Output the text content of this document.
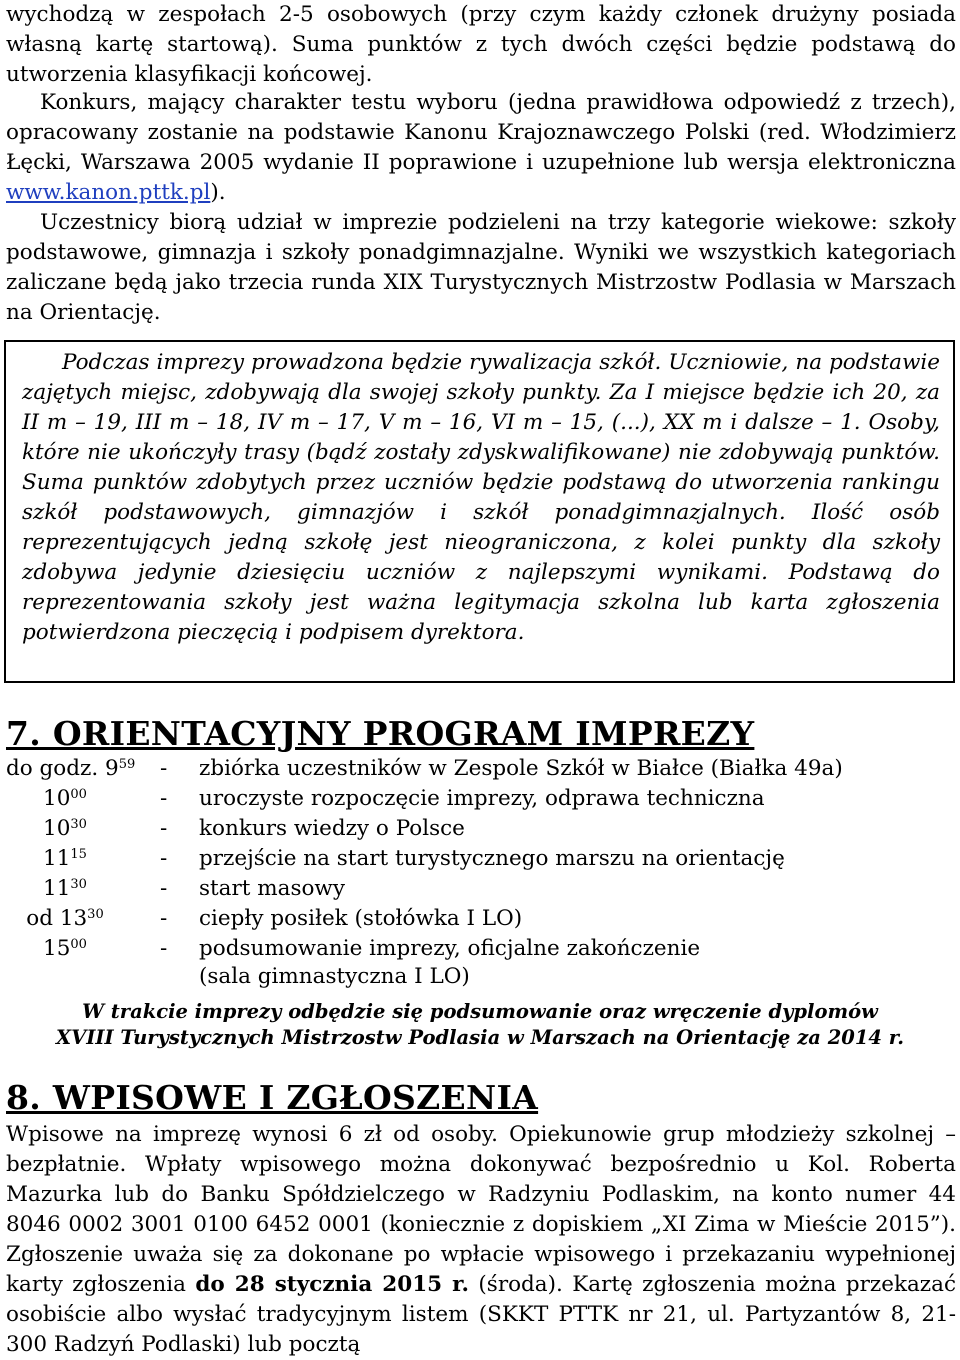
wychodzą w zespołach 2-5 osobowych (przy czym każdy członek drużyny posiada własną kartę startową). Suma punktów z tych dwóch części będzie podstawą do utworzenia klasyfikacji końcowej.

Konkurs, mający charakter testu wyboru (jedna prawidłowa odpowiedź z trzech), opracowany zostanie na podstawie Kanonu Krajoznawczego Polski (red. Włodzimierz Łęcki, Warszawa 2005 wydanie II poprawione i uzupełnione lub wersja elektroniczna www.kanon.pttk.pl).

Uczestnicy biorą udział w imprezie podzieleni na trzy kategorie wiekowe: szkoły podstawowe, gimnazja i szkoły ponadgimnazjalne. Wyniki we wszystkich kategoriach zaliczane będą jako trzecia runda XIX Turystycznych Mistrzostw Podlasia w Marszach na Orientację.

Podczas imprezy prowadzona będzie rywalizacja szkół. Uczniowie, na podstawie zajętych miejsc, zdobywają dla swojej szkoły punkty. Za I miejsce będzie ich 20, za II m – 19, III m – 18, IV m – 17, V m – 16, VI m – 15, (...), XX m i dalsze – 1. Osoby, które nie ukończyły trasy (bądź zostały zdyskwalifikowane) nie zdobywają punktów. Suma punktów zdobytych przez uczniów będzie podstawą do utworzenia rankingu szkół podstawowych, gimnazjów i szkół ponadgimnazjalnych. Ilość osób reprezentujących jedną szkołę jest nieograniczona, z kolei punkty dla szkoły zdobywa jedynie dziesięciu uczniów z najlepszymi wynikami. Podstawą do reprezentowania szkoły jest ważna legitymacja szkolna lub karta zgłoszenia potwierdzona pieczęcią i podpisem dyrektora.

7. ORIENTACYJNY PROGRAM IMPREZY
do godz. $9^{59}$	- zbiórka uczestników w Zespole Szkół w Białce (Białka 49a)
$10^{00}$	- uroczyste rozpoczęcie imprezy, odprawa techniczna
$10^{30}$	- konkurs wiedzy o Polsce
$11^{15}$	- przejście na start turystycznego marszu na orientację
$11^{30}$	- start masowy
od $13^{30}$	- ciepły posiłek (stołówka I LO)
$15^{00}$	- podsumowanie imprezy, oficjalne zakończenie
(sala gimnastyczna I LO)

W trakcie imprezy odbędzie się podsumowanie oraz wręczenie dyplomów

XVIII Turystycznych Mistrzostw Podlasia w Marszach na Orientację za 2014 r.

8. WPISOWE I ZGŁOSZENIA

Wpisowe na imprezę wynosi 6 zł od osoby. Opiekunowie grup młodzieży szkolnej – bezpłatnie. Wpłaty wpisowego można dokonywać bezpośrednio u Kol. Roberta Mazurka lub do Banku Spółdzielczego w Radzyniu Podlaskim, na konto numer 44 8046 0002 3001 0100 6452 0001 (koniecznie z dopiskiem „XI Zima w Mieście 2015”). Zgłoszenie uważa się za dokonane po wpłacie wpisowego i przekazaniu wypełnionej karty zgłoszenia do 28 stycznia 2015 r. (środa). Kartę zgłoszenia można przekazać osobiście albo wysłać tradycyjnym listem (SKKT PTTK nr 21, ul. Partyzantów 8, 21-300 Radzyń Podlaski) lub pocztą
